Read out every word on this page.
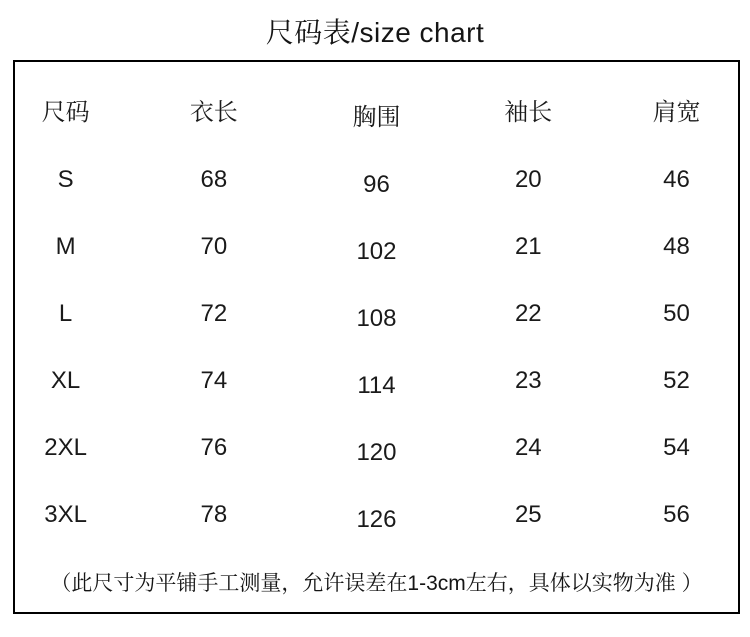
尺码表/size chart
尺码	衣长	胸围	袖长	肩宽
S	68	96	20	46
M	70	102	21	48
L	72	108	22	50
XL	74	114	23	52
2XL	76	120	24	54
3XL	78	126	25	56
（此尺寸为平铺手工测量，允许误差在1-3cm左右，具体以实物为准 ）
